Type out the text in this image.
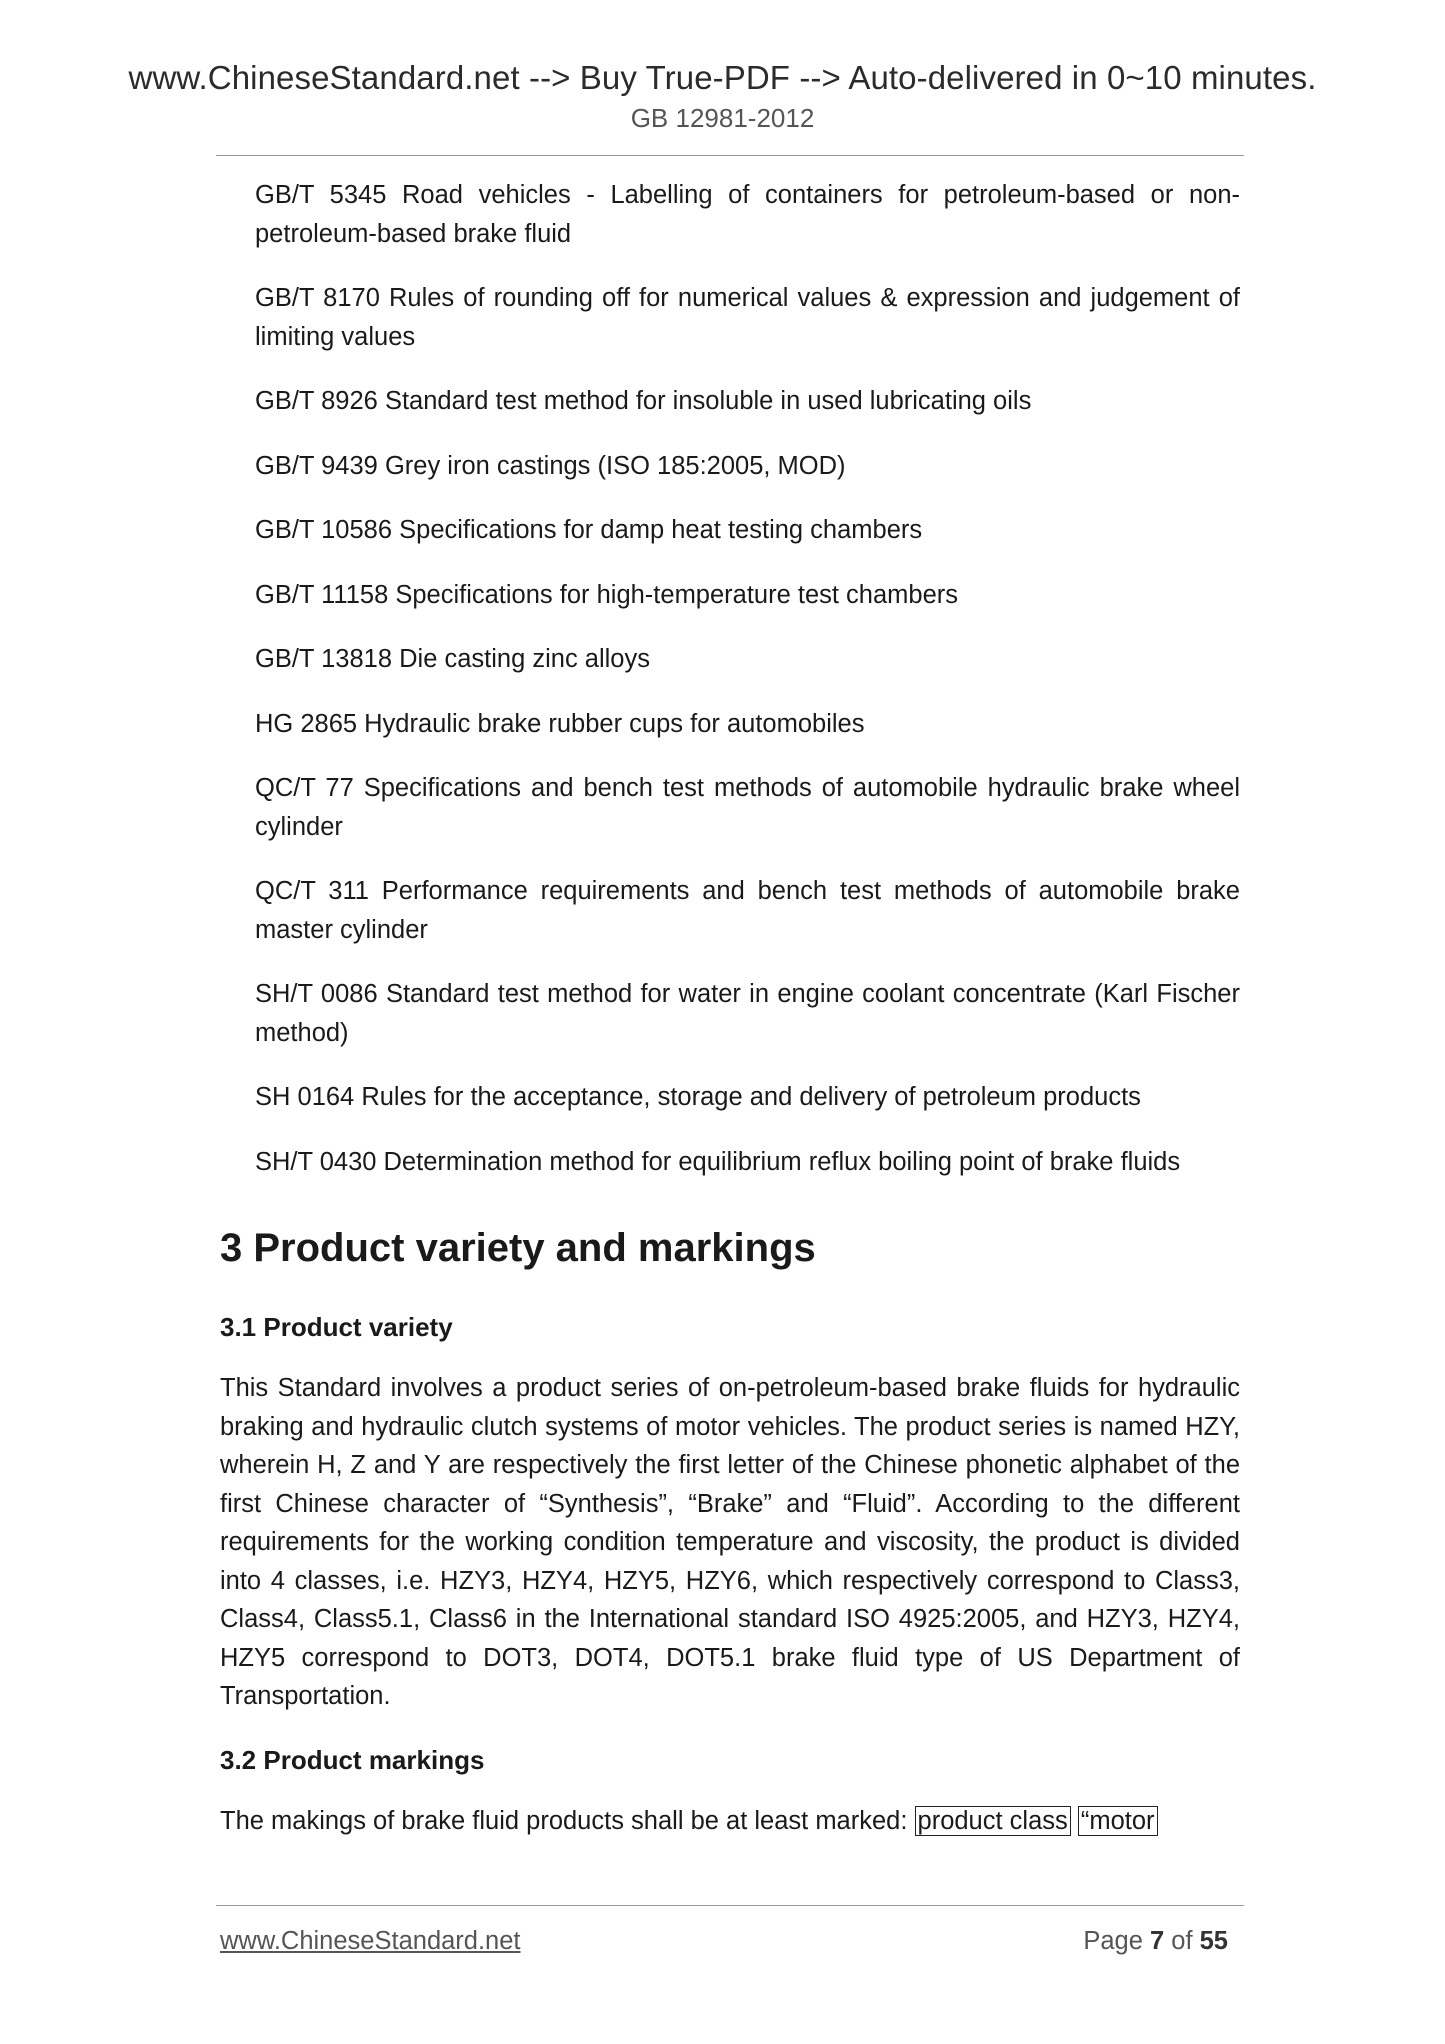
www.ChineseStandard.net --> Buy True-PDF --> Auto-delivered in 0~10 minutes.
GB 12981-2012
GB/T 5345 Road vehicles - Labelling of containers for petroleum-based or non-petroleum-based brake fluid
GB/T 8170 Rules of rounding off for numerical values & expression and judgement of limiting values
GB/T 8926 Standard test method for insoluble in used lubricating oils
GB/T 9439 Grey iron castings (ISO 185:2005, MOD)
GB/T 10586 Specifications for damp heat testing chambers
GB/T 11158 Specifications for high-temperature test chambers
GB/T 13818 Die casting zinc alloys
HG 2865 Hydraulic brake rubber cups for automobiles
QC/T 77 Specifications and bench test methods of automobile hydraulic brake wheel cylinder
QC/T 311 Performance requirements and bench test methods of automobile brake master cylinder
SH/T 0086 Standard test method for water in engine coolant concentrate (Karl Fischer method)
SH 0164 Rules for the acceptance, storage and delivery of petroleum products
SH/T 0430 Determination method for equilibrium reflux boiling point of brake fluids
3 Product variety and markings
3.1 Product variety

This Standard involves a product series of on-petroleum-based brake fluids for hydraulic braking and hydraulic clutch systems of motor vehicles. The product series is named HZY, wherein H, Z and Y are respectively the first letter of the Chinese phonetic alphabet of the first Chinese character of “Synthesis”, “Brake” and “Fluid”. According to the different requirements for the working condition temperature and viscosity, the product is divided into 4 classes, i.e. HZY3, HZY4, HZY5, HZY6, which respectively correspond to Class3, Class4, Class5.1, Class6 in the International standard ISO 4925:2005, and HZY3, HZY4, HZY5 correspond to DOT3, DOT4, DOT5.1 brake fluid type of US Department of Transportation.

3.2 Product markings

The makings of brake fluid products shall be at least marked: product class “motor

www.ChineseStandard.net	Page 7 of 55
